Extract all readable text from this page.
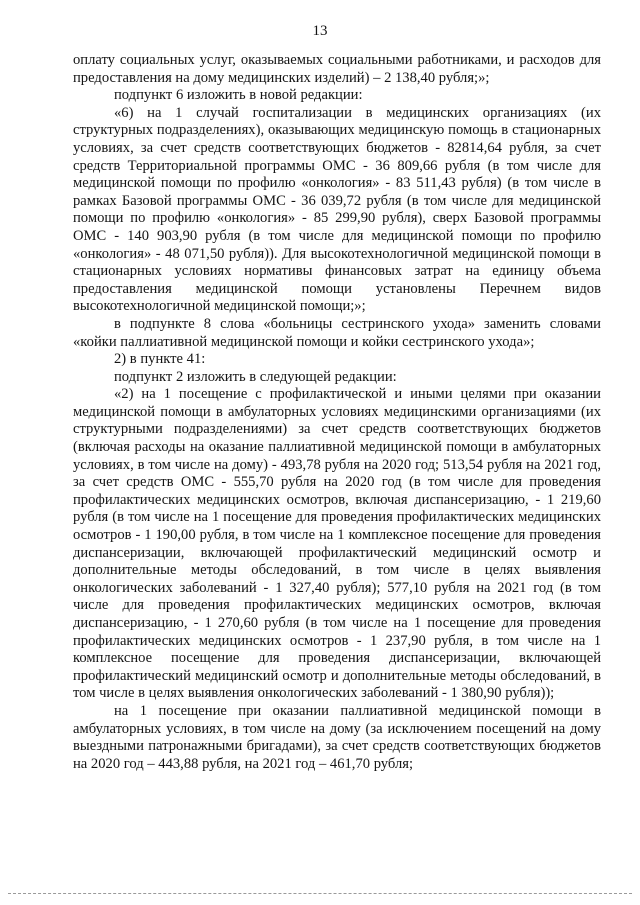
13

оплату социальных услуг, оказываемых социальными работниками, и расходов для предоставления на дому медицинских изделий) – 2 138,40 рубля;»;

подпункт 6 изложить в новой редакции:

«6) на 1 случай госпитализации в медицинских организациях (их структурных подразделениях), оказывающих медицинскую помощь в стационарных условиях, за счет средств соответствующих бюджетов - 82814,64 рубля, за счет средств Территориальной программы ОМС - 36 809,66 рубля (в том числе для медицинской помощи по профилю «онкология» - 83 511,43 рубля) (в том числе в рамках Базовой программы ОМС - 36 039,72 рубля (в том числе для медицинской помощи по профилю «онкология» - 85 299,90 рубля), сверх Базовой программы ОМС - 140 903,90 рубля (в том числе для медицинской помощи по профилю «онкология» - 48 071,50 рубля)). Для высокотехнологичной медицинской помощи в стационарных условиях нормативы финансовых затрат на единицу объема предоставления медицинской помощи установлены Перечнем видов высокотехнологичной медицинской помощи;»;

в подпункте 8 слова «больницы сестринского ухода» заменить словами «койки паллиативной медицинской помощи и койки сестринского ухода»;

2) в пункте 41:

подпункт 2 изложить в следующей редакции:

«2) на 1 посещение с профилактической и иными целями при оказании медицинской помощи в амбулаторных условиях медицинскими организациями (их структурными подразделениями) за счет средств соответствующих бюджетов (включая расходы на оказание паллиативной медицинской помощи в амбулаторных условиях, в том числе на дому) - 493,78 рубля на 2020 год; 513,54 рубля на 2021 год, за счет средств ОМС - 555,70 рубля на 2020 год (в том числе для проведения профилактических медицинских осмотров, включая диспансеризацию, - 1 219,60 рубля (в том числе на 1 посещение для проведения профилактических медицинских осмотров - 1 190,00 рубля, в том числе на 1 комплексное посещение для проведения диспансеризации, включающей профилактический медицинский осмотр и дополнительные методы обследований, в том числе в целях выявления онкологических заболеваний - 1 327,40 рубля); 577,10 рубля на 2021 год (в том числе для проведения профилактических медицинских осмотров, включая диспансеризацию, - 1 270,60 рубля (в том числе на 1 посещение для проведения профилактических медицинских осмотров - 1 237,90 рубля, в том числе на 1 комплексное посещение для проведения диспансеризации, включающей профилактический медицинский осмотр и дополнительные методы обследований, в том числе в целях выявления онкологических заболеваний - 1 380,90 рубля));

на 1 посещение при оказании паллиативной медицинской помощи в амбулаторных условиях, в том числе на дому (за исключением посещений на дому выездными патронажными бригадами), за счет средств соответствующих бюджетов на 2020 год – 443,88 рубля, на 2021 год – 461,70 рубля;
